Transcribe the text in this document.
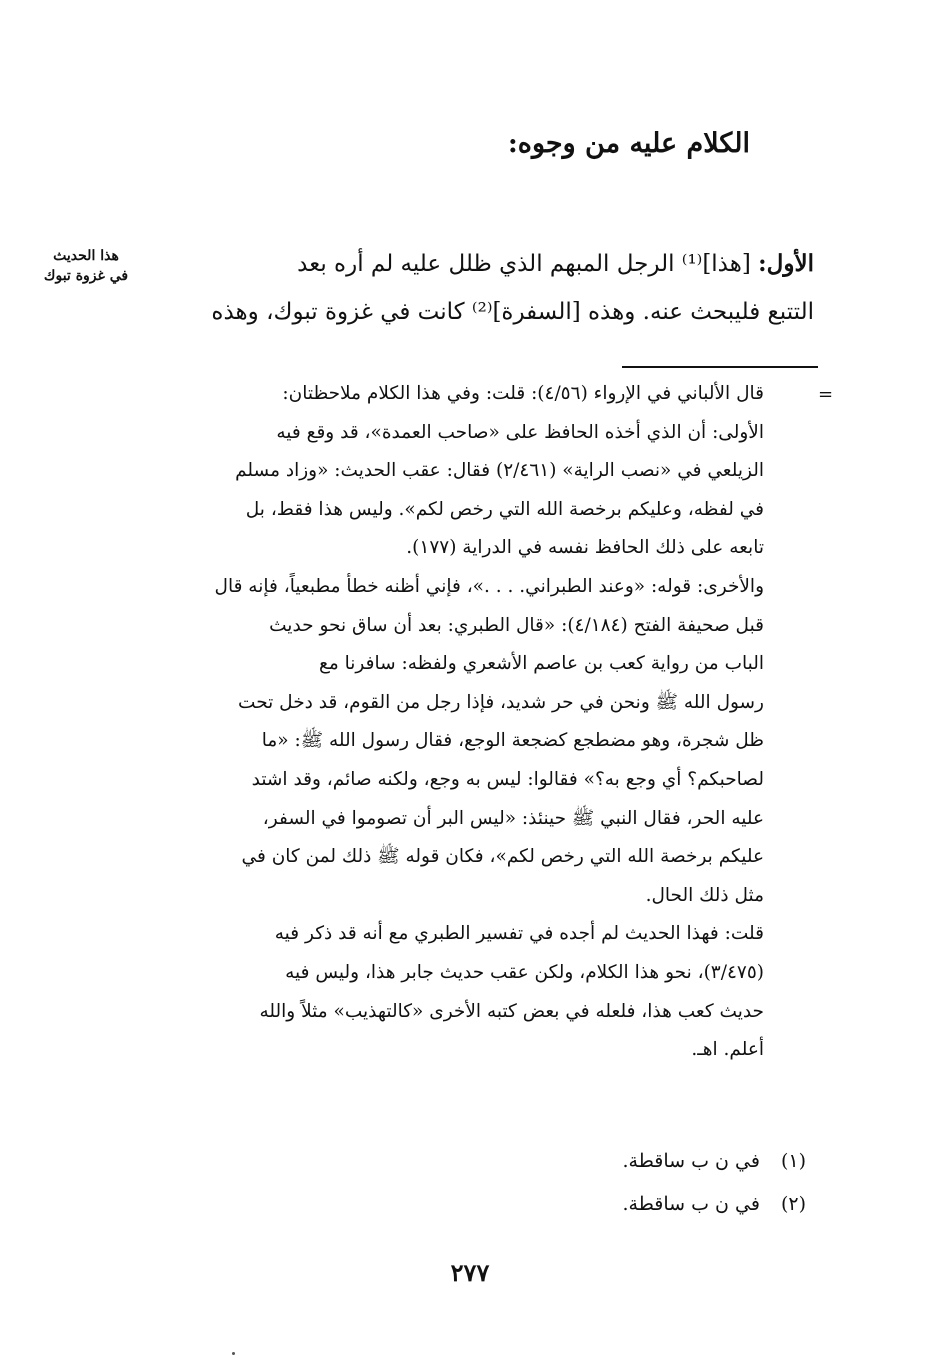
الكلام عليه من وجوه:
هذا الحديث
في غزوة تبوك	الأول: [هذا]⁽¹⁾ الرجل المبهم الذي ظلل عليه لم أره بعد
التتبع فليبحث عنه. وهذه [السفرة]⁽²⁾ كانت في غزوة تبوك، وهذه
=
قال الألباني في الإرواء (٤/٥٦): قلت: وفي هذا الكلام ملاحظتان:
الأولى: أن الذي أخذه الحافظ على «صاحب العمدة»، قد وقع فيه
الزيلعي في «نصب الراية» (٢/٤٦١) فقال: عقب الحديث: «وزاد مسلم
في لفظه، وعليكم برخصة الله التي رخص لكم». وليس هذا فقط، بل
تابعه على ذلك الحافظ نفسه في الدراية (١٧٧).
والأخرى: قوله: «وعند الطبراني. . . .»، فإني أظنه خطأ مطبعياً، فإنه قال
قبل صحيفة الفتح (٤/١٨٤): «قال الطبري: بعد أن ساق نحو حديث
الباب من رواية كعب بن عاصم الأشعري ولفظه: سافرنا مع
رسول الله ﷺ ونحن في حر شديد، فإذا رجل من القوم، قد دخل تحت
ظل شجرة، وهو مضطجع كضجعة الوجع، فقال رسول الله ﷺ: «ما
لصاحبكم؟ أي وجع به؟» فقالوا: ليس به وجع، ولكنه صائم، وقد اشتد
عليه الحر، فقال النبي ﷺ حينئذ: «ليس البر أن تصوموا في السفر،
عليكم برخصة الله التي رخص لكم»، فكان قوله ﷺ ذلك لمن كان في
مثل ذلك الحال.
قلت: فهذا الحديث لم أجده في تفسير الطبري مع أنه قد ذكر فيه
(٣/٤٧٥)، نحو هذا الكلام، ولكن عقب حديث جابر هذا، وليس فيه
حديث كعب هذا، فلعله في بعض كتبه الأخرى «كالتهذيب» مثلاً والله
أعلم. اهـ.
(١) في ن ب ساقطة.
(٢) في ن ب ساقطة.
٢٧٧
